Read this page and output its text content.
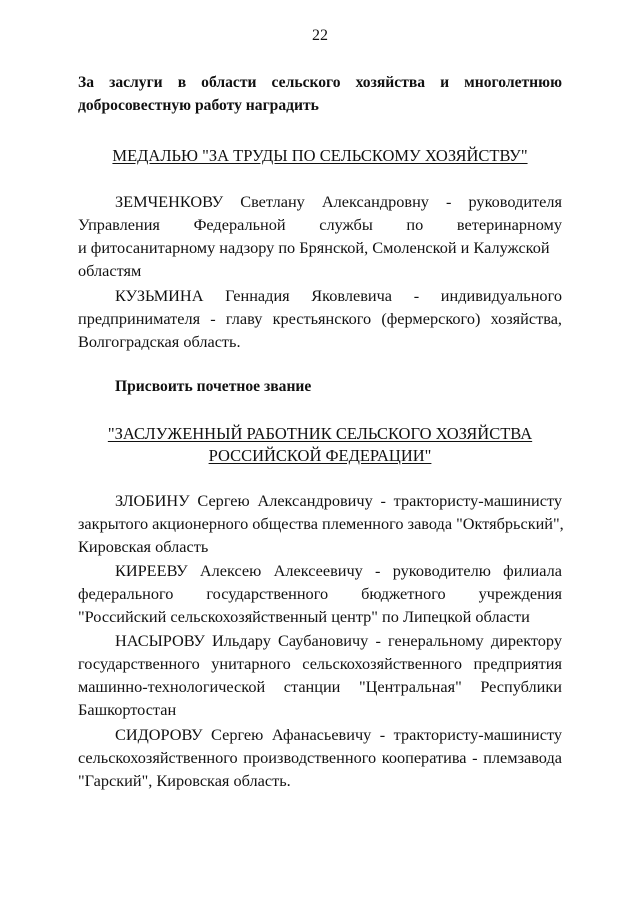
22
За заслуги в области сельского хозяйства и многолетнюю
добросовестную работу наградить
МЕДАЛЬЮ "ЗА ТРУДЫ ПО СЕЛЬСКОМУ ХОЗЯЙСТВУ"
ЗЕМЧЕНКОВУ Светлану Александровну - руководителя
Управления Федеральной службы по ветеринарному
и фитосанитарному надзору по Брянской, Смоленской и Калужской
областям
КУЗЬМИНА Геннадия Яковлевича - индивидуального
предпринимателя - главу крестьянского (фермерского) хозяйства,
Волгоградская область.
Присвоить почетное звание
"ЗАСЛУЖЕННЫЙ РАБОТНИК СЕЛЬСКОГО ХОЗЯЙСТВА
РОССИЙСКОЙ ФЕДЕРАЦИИ"
ЗЛОБИНУ Сергею Александровичу - трактористу-машинисту
закрытого акционерного общества племенного завода "Октябрьский",
Кировская область
КИРЕЕВУ Алексею Алексеевичу - руководителю филиала
федерального государственного бюджетного учреждения
"Российский сельскохозяйственный центр" по Липецкой области
НАСЫРОВУ Ильдару Саубановичу - генеральному директору
государственного унитарного сельскохозяйственного предприятия
машинно-технологической станции "Центральная" Республики
Башкортостан
СИДОРОВУ Сергею Афанасьевичу - трактористу-машинисту
сельскохозяйственного производственного кооператива - племзавода
"Гарский", Кировская область.
